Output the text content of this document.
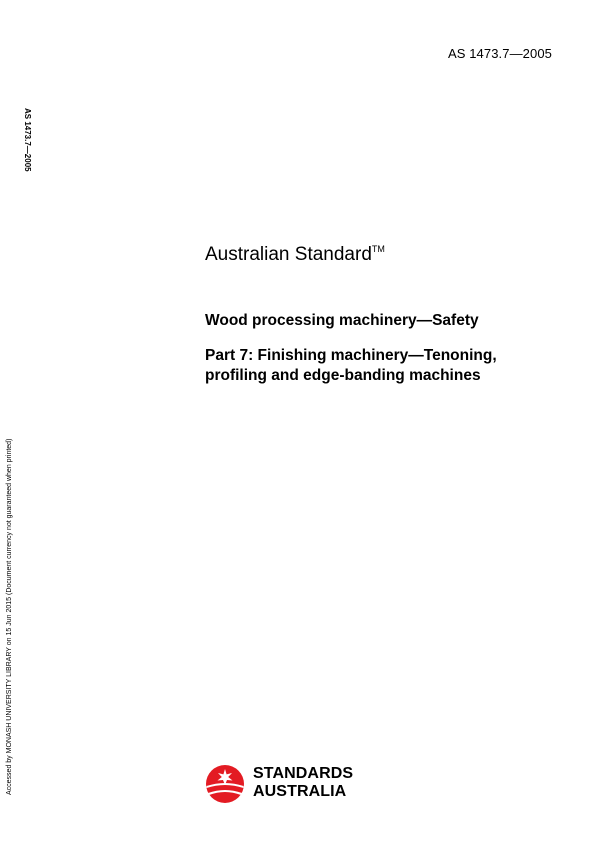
AS 1473.7—2005
AS 1473.7—2005
Accessed by MONASH UNIVERSITY LIBRARY on 15 Jun 2015 (Document currency not guaranteed when printed)
Australian Standard™
Wood processing machinery—Safety
Part 7: Finishing machinery—Tenoning,
profiling and edge-banding machines
STANDARDS
AUSTRALIA
